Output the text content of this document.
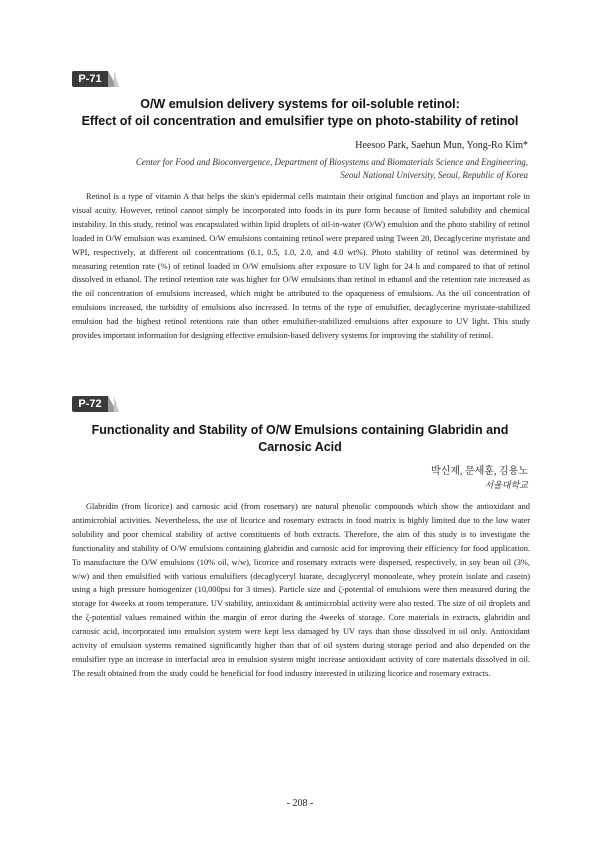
P-71
O/W emulsion delivery systems for oil-soluble retinol:
Effect of oil concentration and emulsifier type on photo-stability of retinol
Heesoo Park, Saehun Mun, Yong-Ro Kim*
Center for Food and Bioconvergence, Department of Biosystems and Biomaterials Science and Engineering,
Seoul National University, Seoul, Republic of Korea

Retinol is a type of vitamin A that helps the skin's epidermal cells maintain their original function and plays an important role in visual acuity. However, retinol cannot simply be incorporated into foods in its pure form because of limited solubility and chemical instability. In this study, retinol was encapsulated within lipid droplets of oil-in-water (O/W) emulsion and the photo stability of retinol loaded in O/W emulsion was examined. O/W emulsions containing retinol were prepared using Tween 20, Decaglycerine myristate and WPI, respectively, at different oil concentrations (0.1, 0.5, 1.0, 2.0, and 4.0 wt%). Photo stability of retinol was determined by measuring retention rate (%) of retinol loaded in O/W emulsions after exposure to UV light for 24 h and compared to that of retinol dissolved in ethanol. The retinol retention rate was higher for O/W emulsions than retinol in ethanol and the retention rate increased as the oil concentration of emulsions increased, which might be attributed to the opaqueness of emulsions. As the oil concentration of emulsions increased, the turbidity of emulsions also increased. In terms of the type of emulsifier, decaglycerine myristate-stabilized emulsion had the highest retinol retentions rate than other emulsifier-stabilized emulsions after exposure to UV light. This study provides important information for designing effective emulsion-based delivery systems for improving the stability of retinol.

P-72
Functionality and Stability of O/W Emulsions containing Glabridin and
Carnosic Acid
박신제, 문세훈, 김용노
서울대학교

Glabridin (from licorice) and carnosic acid (from rosemary) are natural phenolic compounds which show the antioxidant and antimicrobial activities. Nevertheless, the use of licorice and rosemary extracts in food matrix is highly limited due to the low water solubility and poor chemical stability of active constituents of both extracts. Therefore, the aim of this study is to investigate the functionality and stability of O/W emulsions containing glabridin and carnosic acid for improving their efficiency for food application. To manufacture the O/W emulsions (10% oil, w/w), licorice and rosemary extracts were dispersed, respectively, in soy bean oil (3%, w/w) and then emulsified with various emulsifiers (decaglyceryl luarate, decaglyceryl monooleate, whey protein isolate and casein) using a high pressure homogenizer (10,000psi for 3 times). Particle size and ζ-potential of emulsions were then measured during the storage for 4weeks at room temperature. UV stability, antioxidant & antimicrobial activity were also tested. The size of oil droplets and the ζ-potential values remained within the margin of error during the 4weeks of storage. Core materials in extracts, glabridin and carnosic acid, incorporated into emulsion system were kept less damaged by UV rays than those dissolved in oil only. Antioxidant activity of emulsion systems remained significantly higher than that of oil system during storage period and also depended on the emulsifier type an increase in interfacial area in emulsion system might increase antioxidant activity of core materials dissolved in oil. The result obtained from the study could be beneficial for food industry interested in utilizing licorice and rosemary extracts.

- 208 -
